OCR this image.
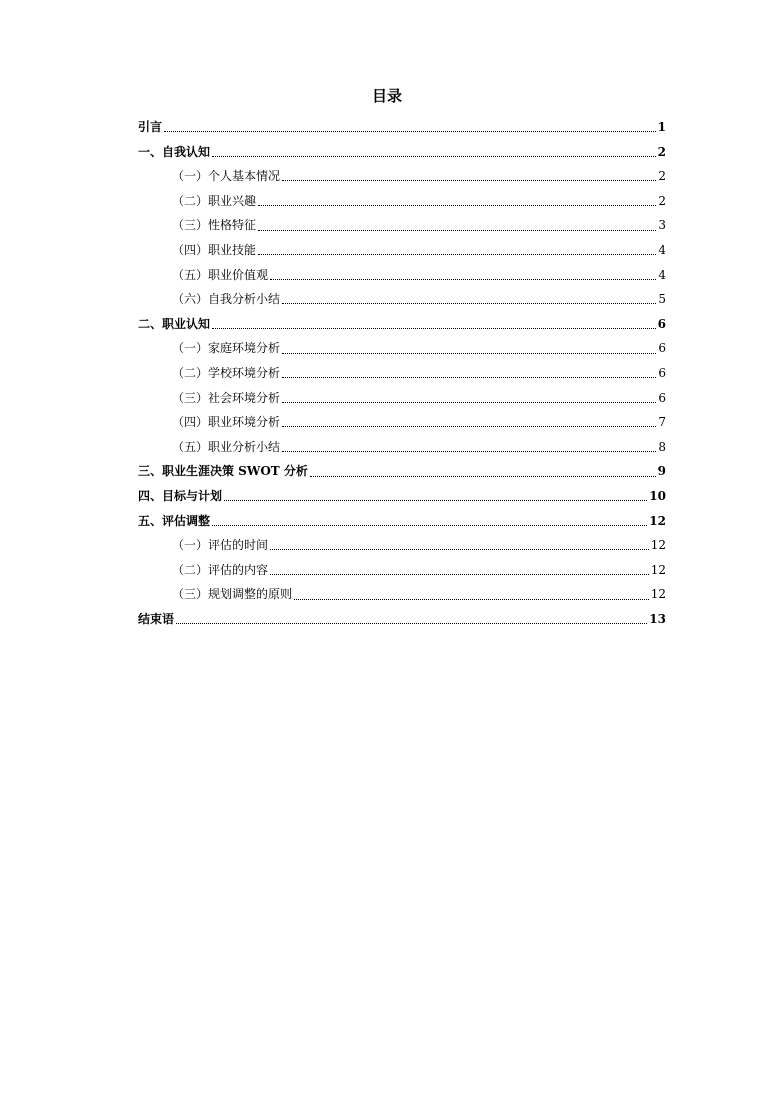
目录
引言	1
一、自我认知	2
（一）个人基本情况	2
（二）职业兴趣	2
（三）性格特征	3
（四）职业技能	4
（五）职业价值观	4
（六）自我分析小结	5
二、职业认知	6
（一）家庭环境分析	6
（二）学校环境分析	6
（三）社会环境分析	6
（四）职业环境分析	7
（五）职业分析小结	8
三、职业生涯决策 SWOT 分析	9
四、目标与计划	10
五、评估调整	12
（一）评估的时间	12
（二）评估的内容	12
（三）规划调整的原则	12
结束语	13
